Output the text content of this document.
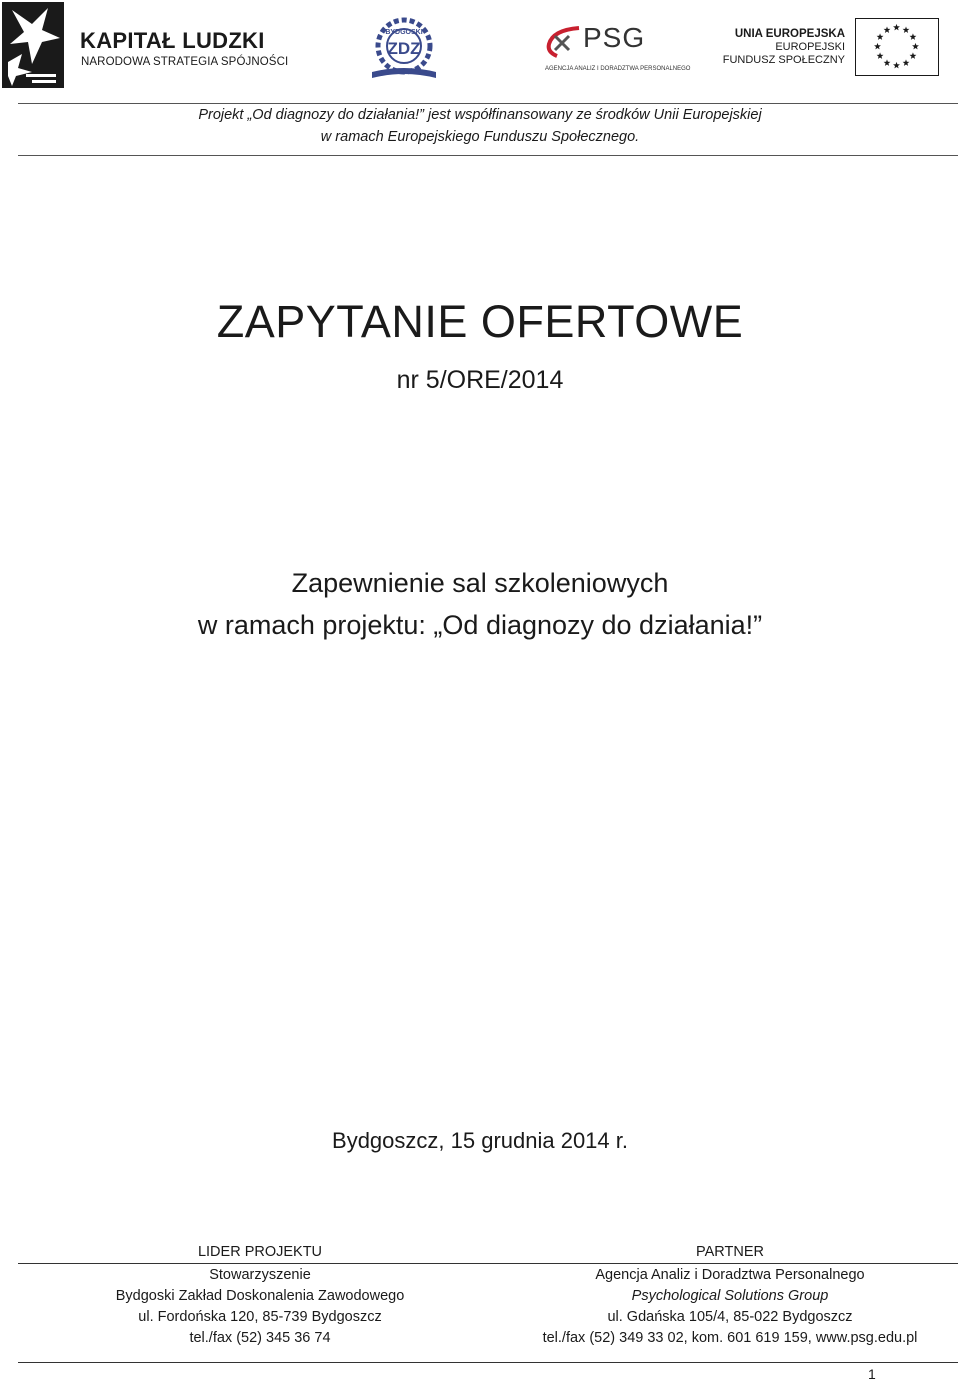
KAPITAŁ LUDZKI
NARODOWA STRATEGIA SPÓJNOŚCI
BYDGOSKI
ZDZ	PSG
AGENCJA ANALIZ I DORADZTWA PERSONALNEGO
UNIA EUROPEJSKA
EUROPEJSKI
FUNDUSZ SPOŁECZNY
Projekt „Od diagnozy do działania!” jest współfinansowany ze środków Unii Europejskiej
w ramach Europejskiego Funduszu Społecznego.
ZAPYTANIE OFERTOWE
nr 5/ORE/2014
Zapewnienie sal szkoleniowych
w ramach projektu: „Od diagnozy do działania!”
Bydgoszcz, 15 grudnia 2014 r.
LIDER PROJEKTU
Stowarzyszenie
Bydgoski Zakład Doskonalenia Zawodowego
ul. Fordońska 120, 85-739 Bydgoszcz
tel./fax (52) 345 36 74
PARTNER
Agencja Analiz i Doradztwa Personalnego
Psychological Solutions Group
ul. Gdańska 105/4, 85-022 Bydgoszcz
tel./fax (52) 349 33 02, kom. 601 619 159, www.psg.edu.pl
1
